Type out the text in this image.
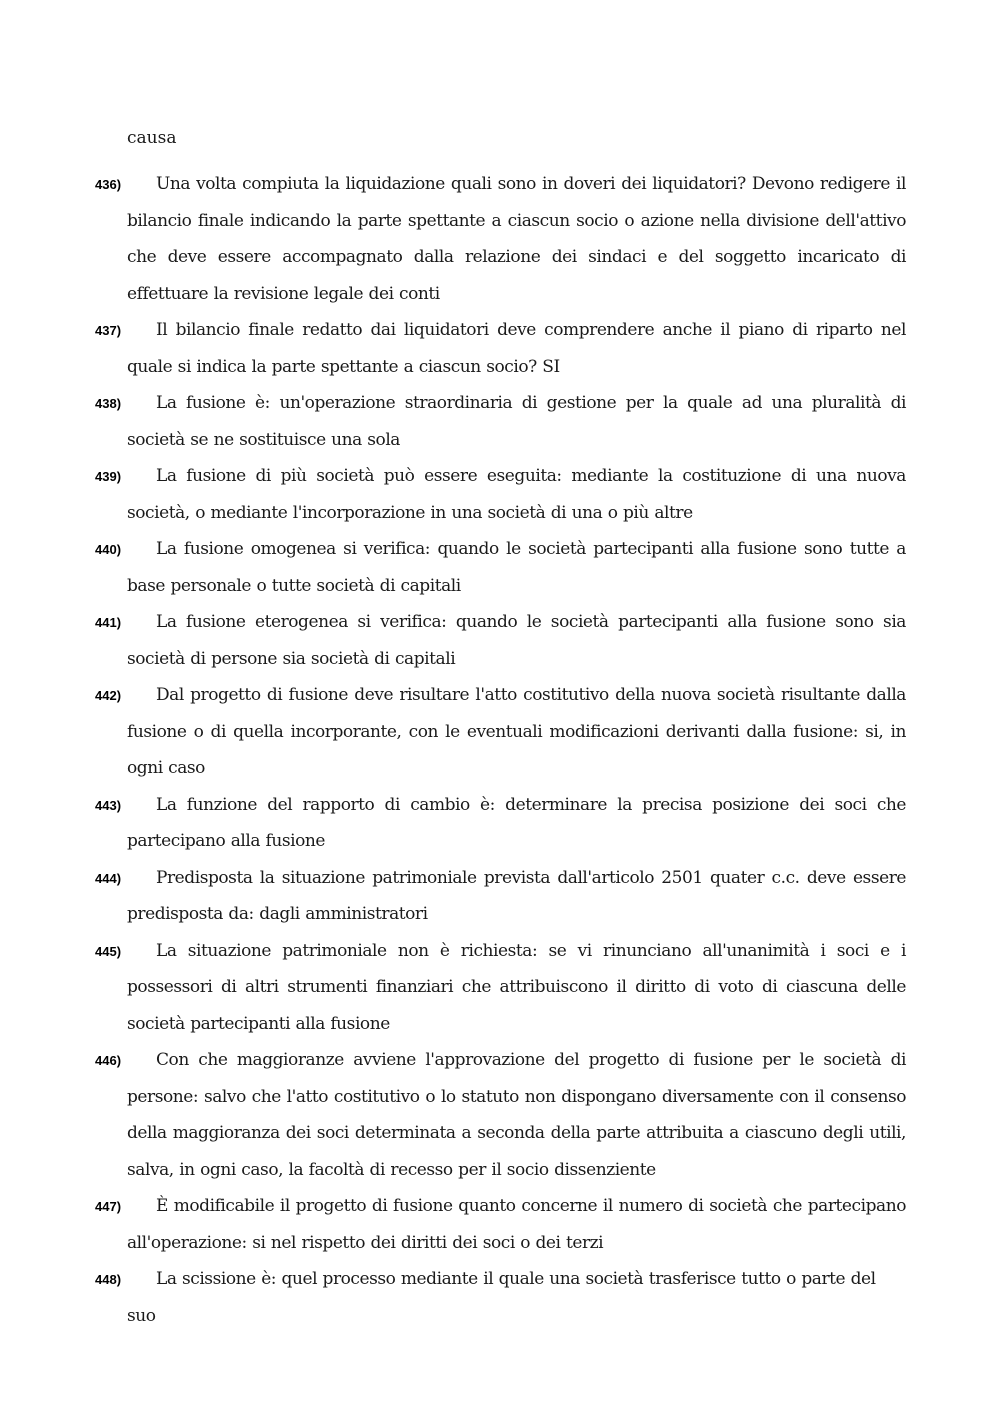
causa
436)	Una volta compiuta la liquidazione quali sono in doveri dei liquidatori? Devono redigere il bilancio finale indicando la parte spettante a ciascun socio o azione nella divisione dell'attivo che deve essere accompagnato dalla relazione dei sindaci e del soggetto incaricato di effettuare la revisione legale dei conti
437)	Il bilancio finale redatto dai liquidatori deve comprendere anche il piano di riparto nel quale si indica la parte spettante a ciascun socio? SI
438)	La fusione è: un'operazione straordinaria di gestione per la quale ad una pluralità di società se ne sostituisce una sola
439)	La fusione di più società può essere eseguita: mediante la costituzione di una nuova società, o mediante l'incorporazione in una società di una o più altre
440)	La fusione omogenea si verifica: quando le società partecipanti alla fusione sono tutte a base personale o tutte società di capitali
441)	La fusione eterogenea si verifica: quando le società partecipanti alla fusione sono sia società di persone sia società di capitali
442)	Dal progetto di fusione deve risultare l'atto costitutivo della nuova società risultante dalla fusione o di quella incorporante, con le eventuali modificazioni derivanti dalla fusione: si, in ogni caso
443)	La funzione del rapporto di cambio è: determinare la precisa posizione dei soci che partecipano alla fusione
444)	Predisposta la situazione patrimoniale prevista dall'articolo 2501 quater c.c. deve essere predisposta da: dagli amministratori
445)	La situazione patrimoniale non è richiesta: se vi rinunciano all'unanimità i soci e i possessori di altri strumenti finanziari che attribuiscono il diritto di voto di ciascuna delle società partecipanti alla fusione
446)	Con che maggioranze avviene l'approvazione del progetto di fusione per le società di persone: salvo che l'atto costitutivo o lo statuto non dispongano diversamente con il consenso della maggioranza dei soci determinata a seconda della parte attribuita a ciascuno degli utili, salva, in ogni caso, la facoltà di recesso per il socio dissenziente
447)	È modificabile il progetto di fusione quanto concerne il numero di società che partecipano all'operazione: si nel rispetto dei diritti dei soci o dei terzi
448)	La scissione è: quel processo mediante il quale una società trasferisce tutto o parte del suo
